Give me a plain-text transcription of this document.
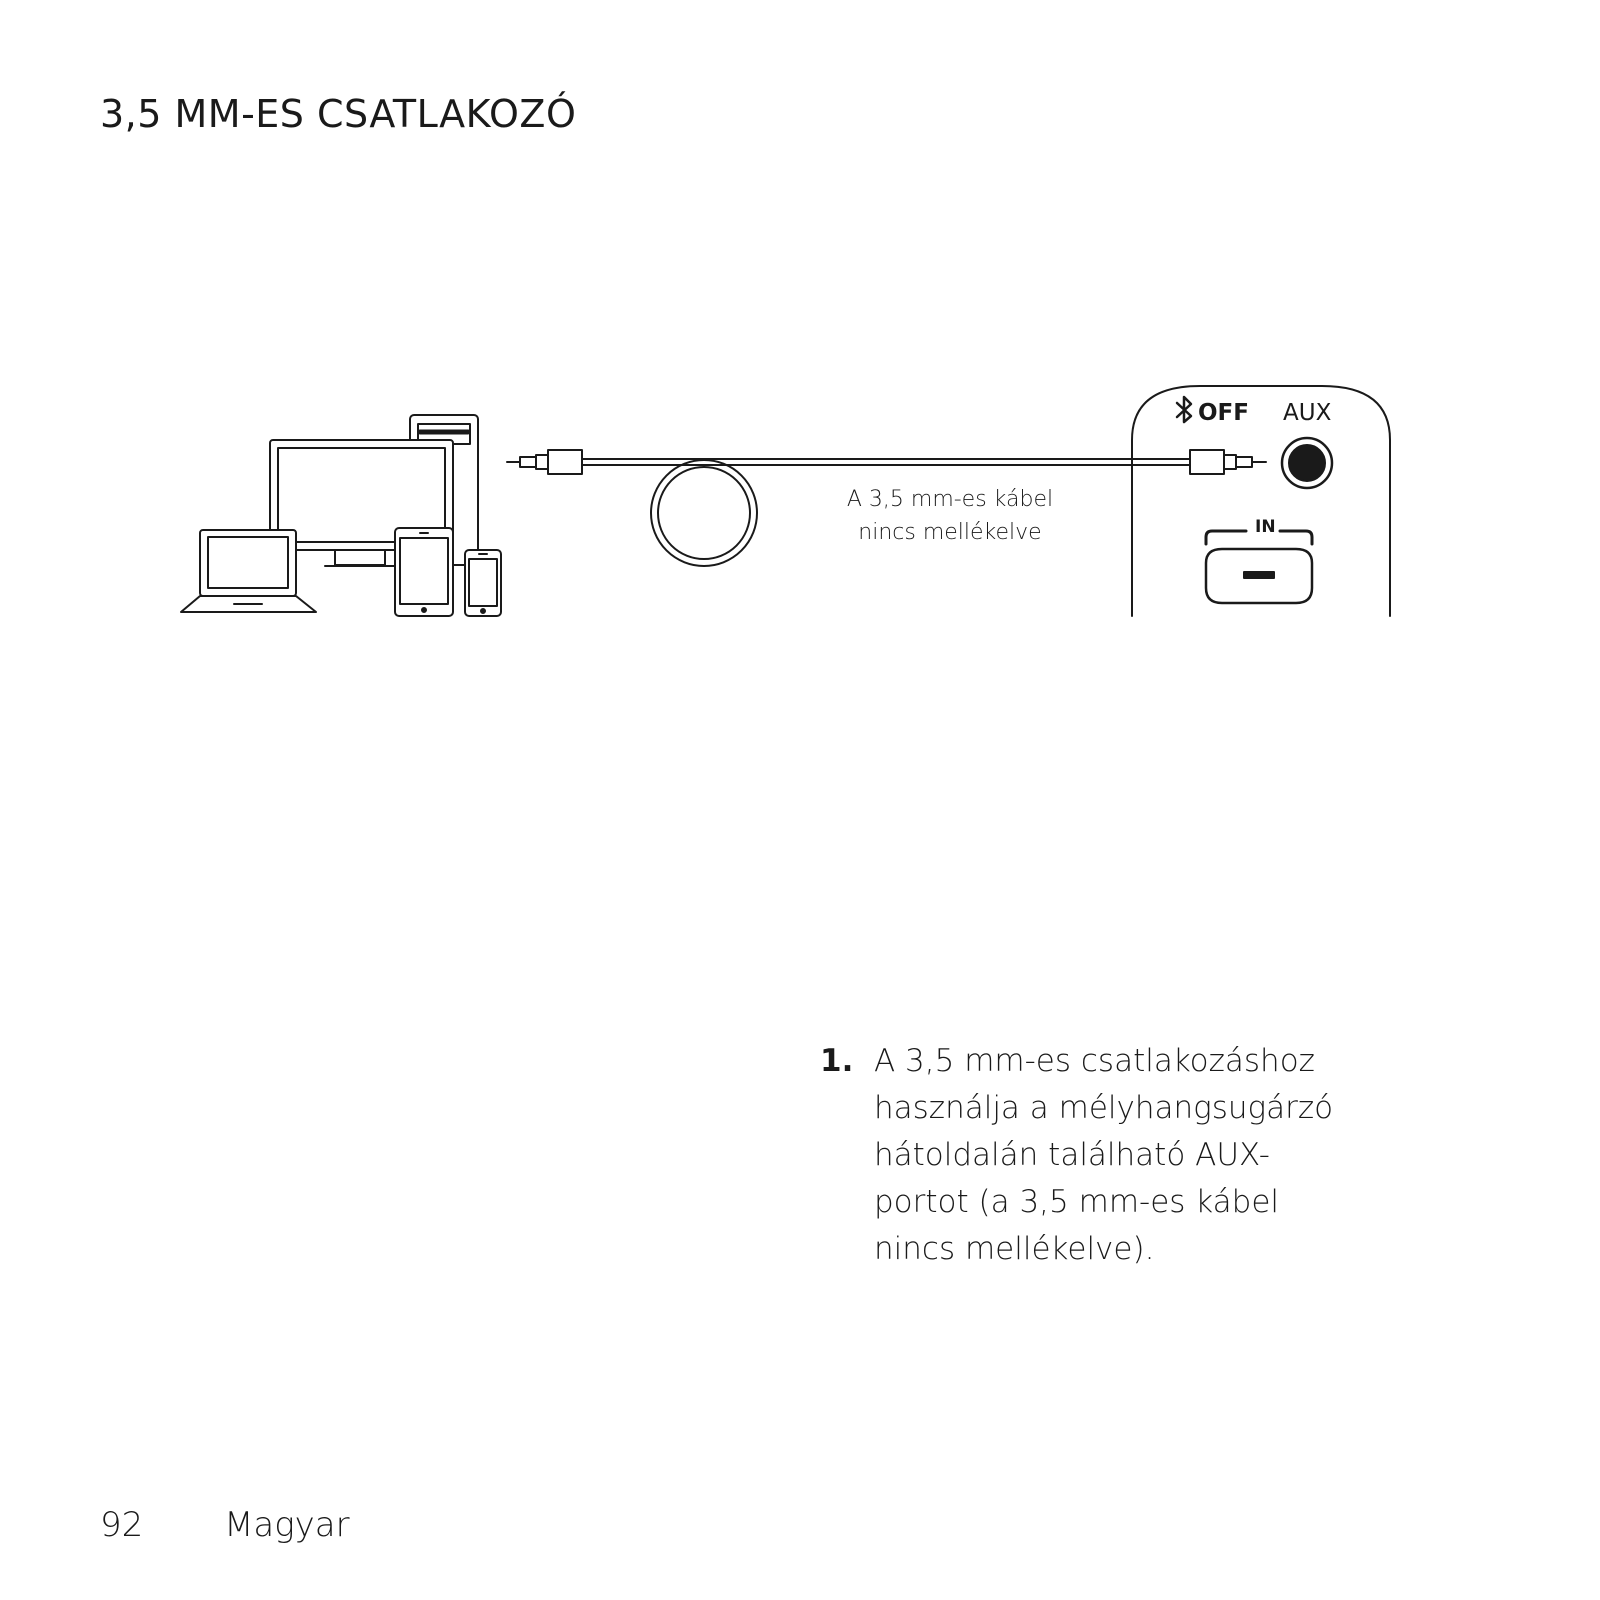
3,5 MM-ES CSATLAKOZÓ

A 3,5 mm-es kábel
nincs mellékelve

OFF AUX
IN
1. A 3,5 mm-es csatlakozáshoz
használja a mélyhangsugárzó
hátoldalán található AUX-
portot (a 3,5 mm-es kábel
nincs mellékelve).
92 Magyar
